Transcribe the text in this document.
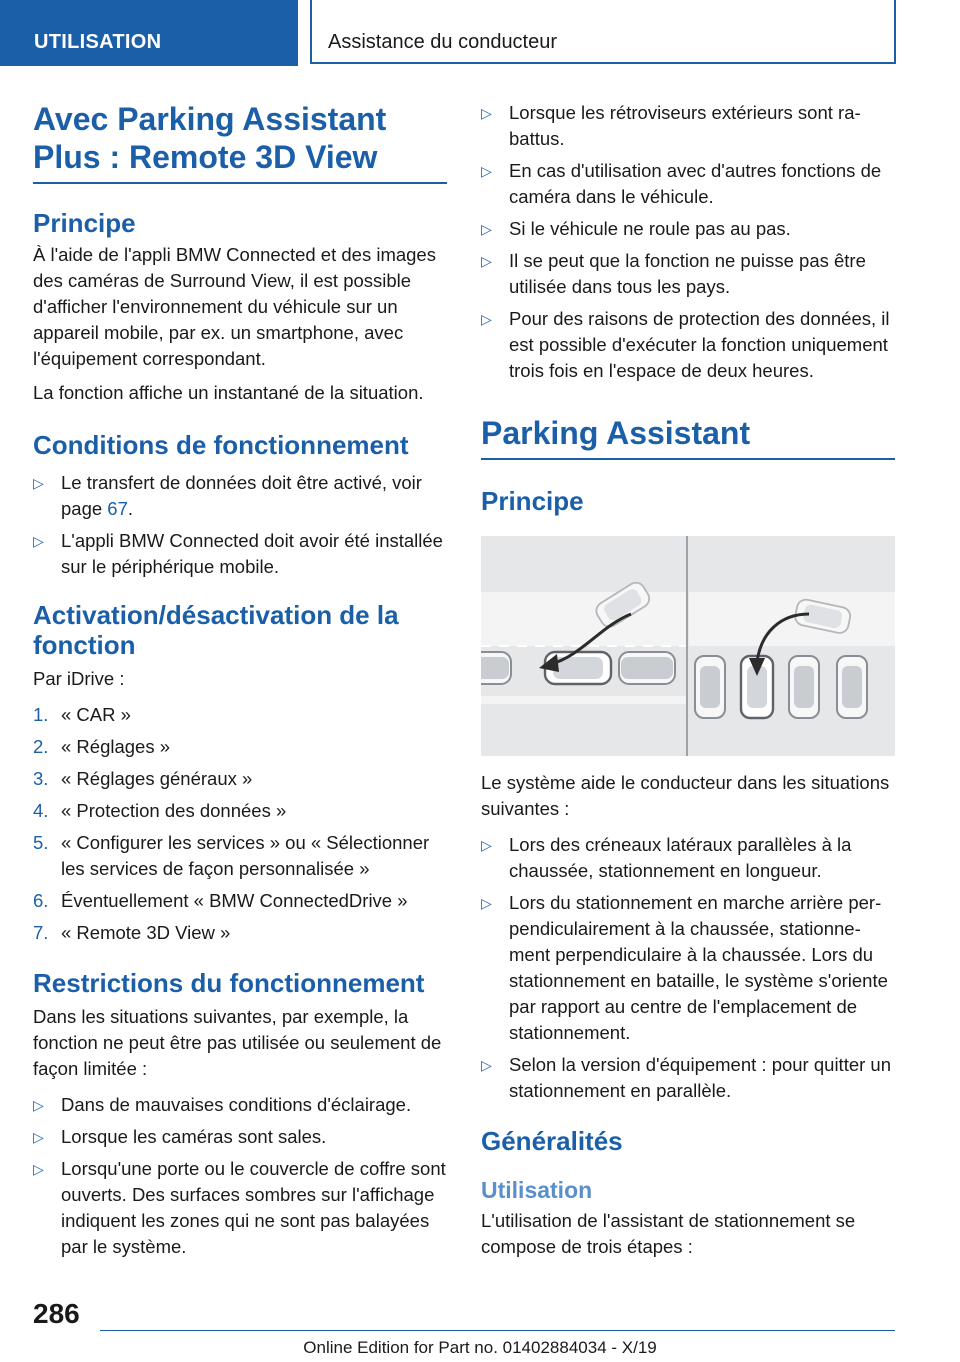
UTILISATION	Assistance du conducteur
Avec Parking Assistant Plus : Remote 3D View
Principe

À l'aide de l'appli BMW Connected et des images des caméras de Surround View, il est possible d'afficher l'environnement du véhicule sur un appareil mobile, par ex. un smartphone, avec l'équipement correspondant.

La fonction affiche un instantané de la situation.

Conditions de fonctionnement
▷ Le transfert de données doit être activé, voir page 67.
▷ L'appli BMW Connected doit avoir été installée sur le périphérique mobile.
Activation/désactivation de la fonction

Par iDrive :

1. « CAR »
2. « Réglages »
3. « Réglages généraux »
4. « Protection des données »
5. « Configurer les services » ou « Sélectionner les services de façon personnalisée »
6. Éventuellement « BMW ConnectedDrive »
7. « Remote 3D View »
Restrictions du fonctionnement

Dans les situations suivantes, par exemple, la fonction ne peut être pas utilisée ou seulement de façon limitée :

▷ Dans de mauvaises conditions d'éclairage.
▷ Lorsque les caméras sont sales.
▷ Lorsqu'une porte ou le couvercle de coffre sont ouverts. Des surfaces sombres sur l'affichage indiquent les zones qui ne sont pas balayées par le système.
▷ Lorsque les rétroviseurs extérieurs sont rabattus.
▷ En cas d'utilisation avec d'autres fonctions de caméra dans le véhicule.
▷ Si le véhicule ne roule pas au pas.
▷ Il se peut que la fonction ne puisse pas être utilisée dans tous les pays.
▷ Pour des raisons de protection des données, il est possible d'exécuter la fonction uniquement trois fois en l'espace de deux heures.
Parking Assistant
Principe

Le système aide le conducteur dans les situations suivantes :

▷ Lors des créneaux latéraux parallèles à la chaussée, stationnement en longueur.
▷ Lors du stationnement en marche arrière perpendiculairement à la chaussée, stationnement perpendiculaire à la chaussée. Lors du stationnement en bataille, le système s'oriente par rapport au centre de l'emplacement de stationnement.
▷ Selon la version d'équipement : pour quitter un stationnement en parallèle.
Généralités
Utilisation

L'utilisation de l'assistant de stationnement se compose de trois étapes :

286
Online Edition for Part no. 01402884034 - X/19
